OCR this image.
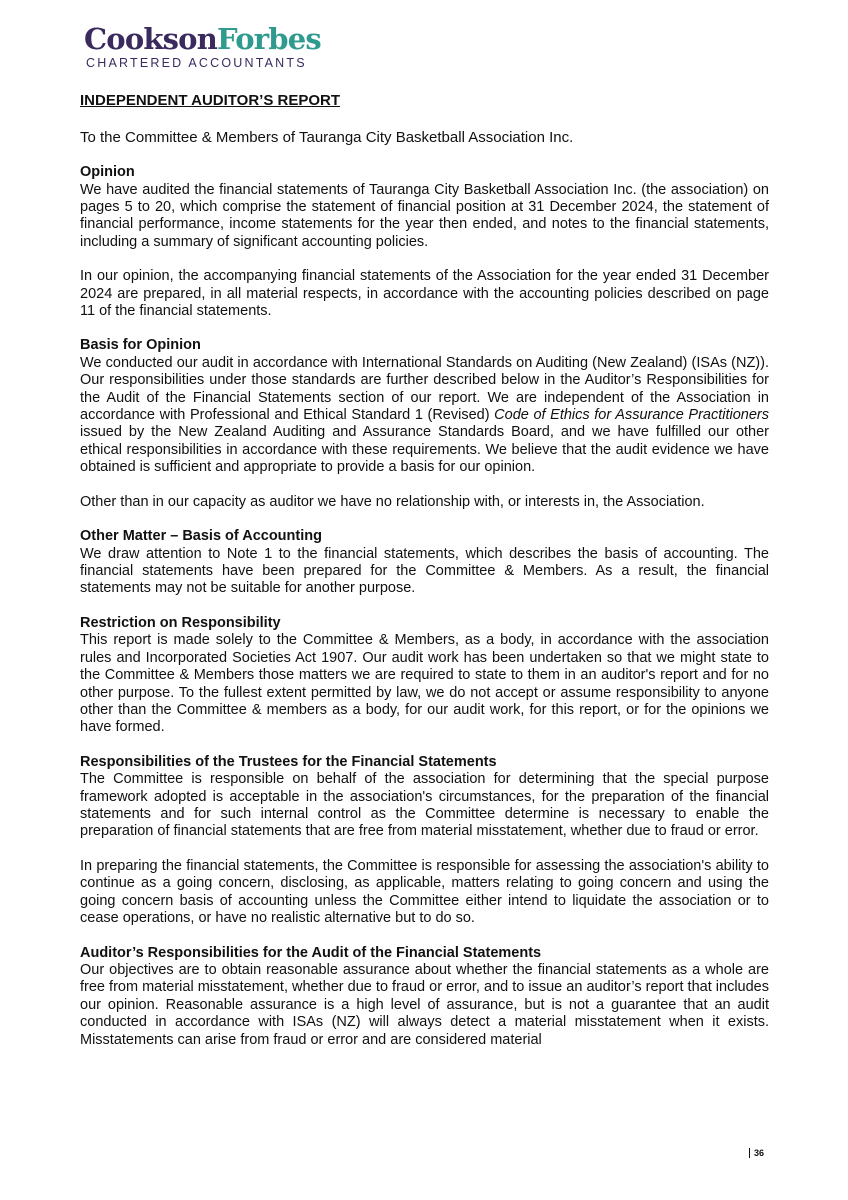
CooksonForbes
CHARTERED ACCOUNTANTS
INDEPENDENT AUDITOR’S REPORT

To the Committee & Members of Tauranga City Basketball Association Inc.

Opinion

We have audited the financial statements of Tauranga City Basketball Association Inc. (the association) on pages 5 to 20, which comprise the statement of financial position at 31 December 2024, the statement of financial performance, income statements for the year then ended, and notes to the financial statements, including a summary of significant accounting policies.

In our opinion, the accompanying financial statements of the Association for the year ended 31 December 2024 are prepared, in all material respects, in accordance with the accounting policies described on page 11 of the financial statements.

Basis for Opinion

We conducted our audit in accordance with International Standards on Auditing (New Zealand) (ISAs (NZ)). Our responsibilities under those standards are further described below in the Auditor’s Responsibilities for the Audit of the Financial Statements section of our report. We are independent of the Association in accordance with Professional and Ethical Standard 1 (Revised) Code of Ethics for Assurance Practitioners issued by the New Zealand Auditing and Assurance Standards Board, and we have fulfilled our other ethical responsibilities in accordance with these requirements. We believe that the audit evidence we have obtained is sufficient and appropriate to provide a basis for our opinion.

Other than in our capacity as auditor we have no relationship with, or interests in, the Association.

Other Matter – Basis of Accounting

We draw attention to Note 1 to the financial statements, which describes the basis of accounting. The financial statements have been prepared for the Committee & Members. As a result, the financial statements may not be suitable for another purpose.

Restriction on Responsibility

This report is made solely to the Committee & Members, as a body, in accordance with the association rules and Incorporated Societies Act 1907. Our audit work has been undertaken so that we might state to the Committee & Members those matters we are required to state to them in an auditor's report and for no other purpose. To the fullest extent permitted by law, we do not accept or assume responsibility to anyone other than the Committee & members as a body, for our audit work, for this report, or for the opinions we have formed.

Responsibilities of the Trustees for the Financial Statements

The Committee is responsible on behalf of the association for determining that the special purpose framework adopted is acceptable in the association's circumstances, for the preparation of the financial statements and for such internal control as the Committee determine is necessary to enable the preparation of financial statements that are free from material misstatement, whether due to fraud or error.

In preparing the financial statements, the Committee is responsible for assessing the association's ability to continue as a going concern, disclosing, as applicable, matters relating to going concern and using the going concern basis of accounting unless the Committee either intend to liquidate the association or to cease operations, or have no realistic alternative but to do so.

Auditor’s Responsibilities for the Audit of the Financial Statements

Our objectives are to obtain reasonable assurance about whether the financial statements as a whole are free from material misstatement, whether due to fraud or error, and to issue an auditor’s report that includes our opinion. Reasonable assurance is a high level of assurance, but is not a guarantee that an audit conducted in accordance with ISAs (NZ) will always detect a material misstatement when it exists. Misstatements can arise from fraud or error and are considered material

36
